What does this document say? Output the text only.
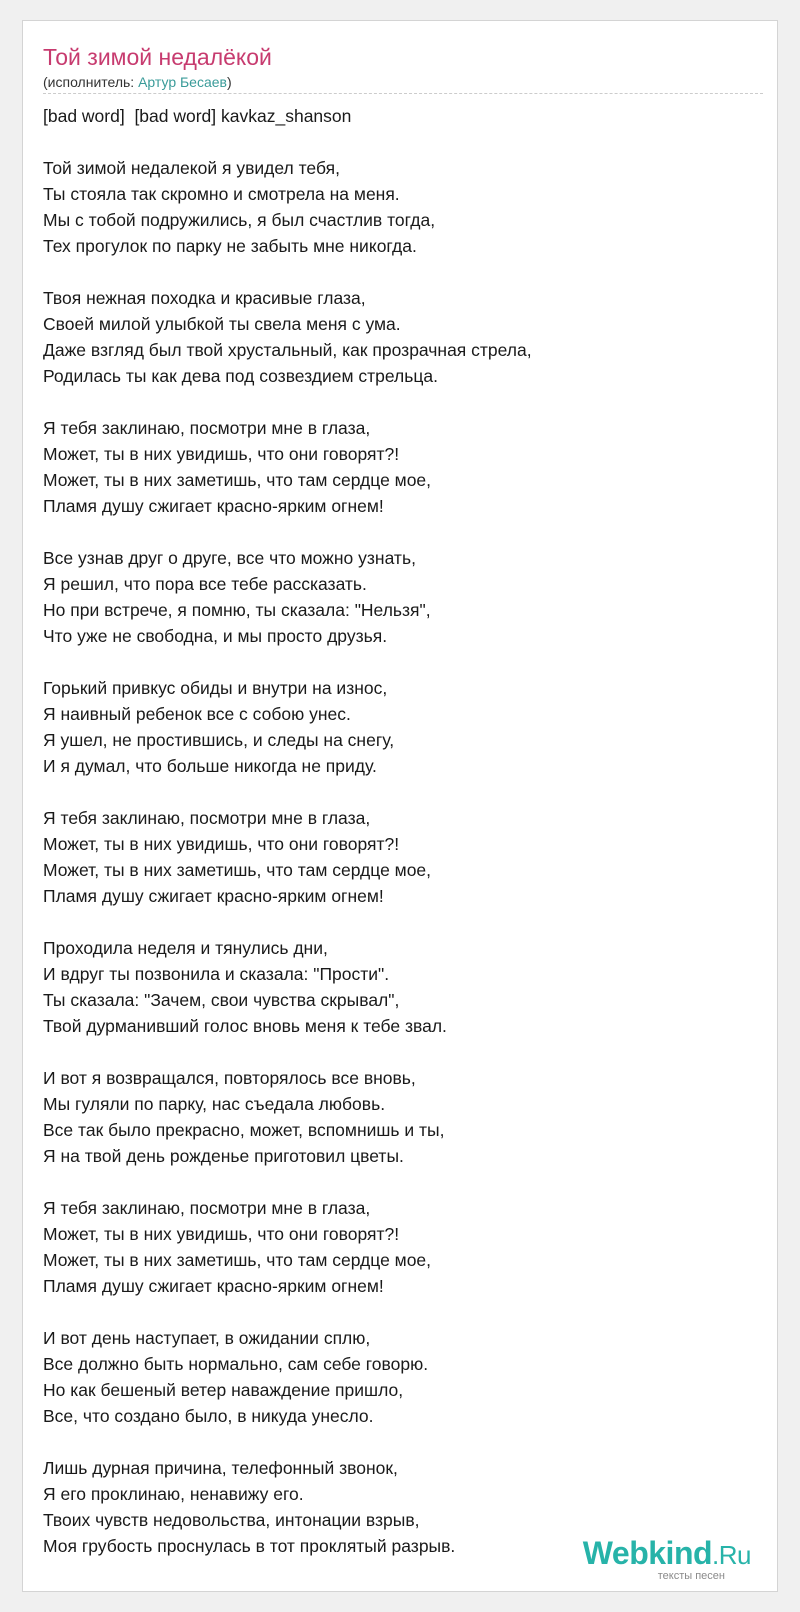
Той зимой недалёкой
(исполнитель: Артур Бесаев)
[bad word]  [bad word] kavkaz_shanson
Той зимой недалекой я увидел тебя,
Ты стояла так скромно и смотрела на меня.
Мы с тобой подружились, я был счастлив тогда,
Тех прогулок по парку не забыть мне никогда.
Твоя нежная походка и красивые глаза,
Своей милой улыбкой ты свела меня с ума.
Даже взгляд был твой хрустальный, как прозрачная стрела,
Родилась ты как дева под созвездием стрельца.
Я тебя заклинаю, посмотри мне в глаза,
Может, ты в них увидишь, что они говорят?!
Может, ты в них заметишь, что там сердце мое,
Пламя душу сжигает красно-ярким огнем!
Все узнав друг о друге, все что можно узнать,
Я решил, что пора все тебе рассказать.
Но при встрече, я помню, ты сказала: "Нельзя",
Что уже не свободна, и мы просто друзья.
Горький привкус обиды и внутри на износ,
Я наивный ребенок все с собою унес.
Я ушел, не простившись, и следы на снегу,
И я думал, что больше никогда не приду.
Я тебя заклинаю, посмотри мне в глаза,
Может, ты в них увидишь, что они говорят?!
Может, ты в них заметишь, что там сердце мое,
Пламя душу сжигает красно-ярким огнем!
Проходила неделя и тянулись дни,
И вдруг ты позвонила и сказала: "Прости".
Ты сказала: "Зачем, свои чувства скрывал",
Твой дурманивший голос вновь меня к тебе звал.
И вот я возвращался, повторялось все вновь,
Мы гуляли по парку, нас съедала любовь.
Все так было прекрасно, может, вспомнишь и ты,
Я на твой день рожденье приготовил цветы.
Я тебя заклинаю, посмотри мне в глаза,
Может, ты в них увидишь, что они говорят?!
Может, ты в них заметишь, что там сердце мое,
Пламя душу сжигает красно-ярким огнем!
И вот день наступает, в ожидании сплю,
Все должно быть нормально, сам себе говорю.
Но как бешеный ветер наваждение пришло,
Все, что создано было, в никуда унесло.
Лишь дурная причина, телефонный звонок,
Я его проклинаю, ненавижу его.
Твоих чувств недовольства, интонации взрыв,
Моя грубость проснулась в тот проклятый разрыв.	Webkind.Ru
тексты песен
